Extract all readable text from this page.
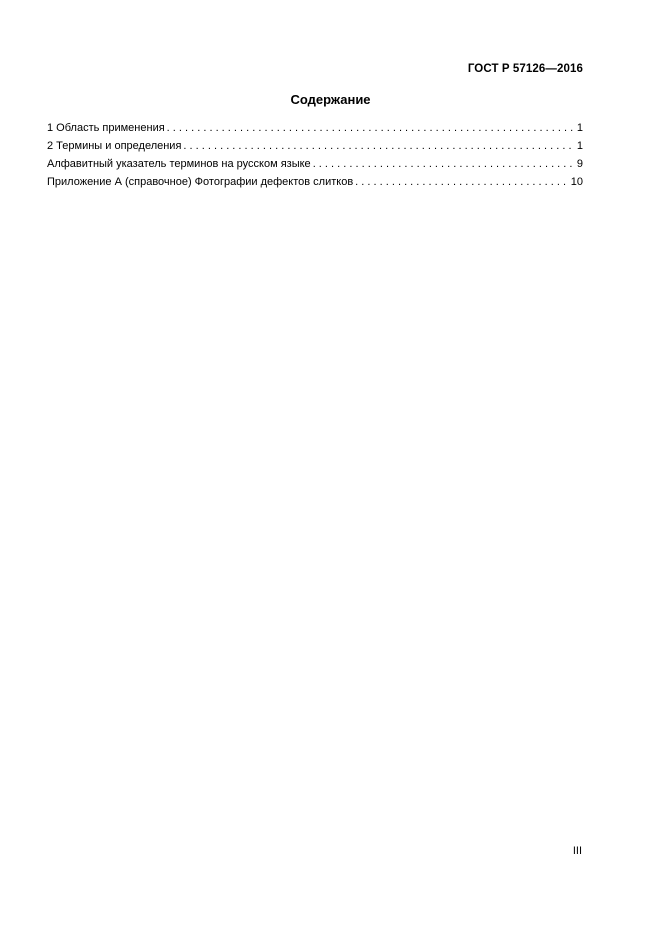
ГОСТ Р 57126—2016
Содержание
1 Область применения . . .	1
2 Термины и определения . . .	1
Алфавитный указатель терминов на русском языке . . .	9
Приложение А (справочное) Фотографии дефектов слитков . . .	10
III
